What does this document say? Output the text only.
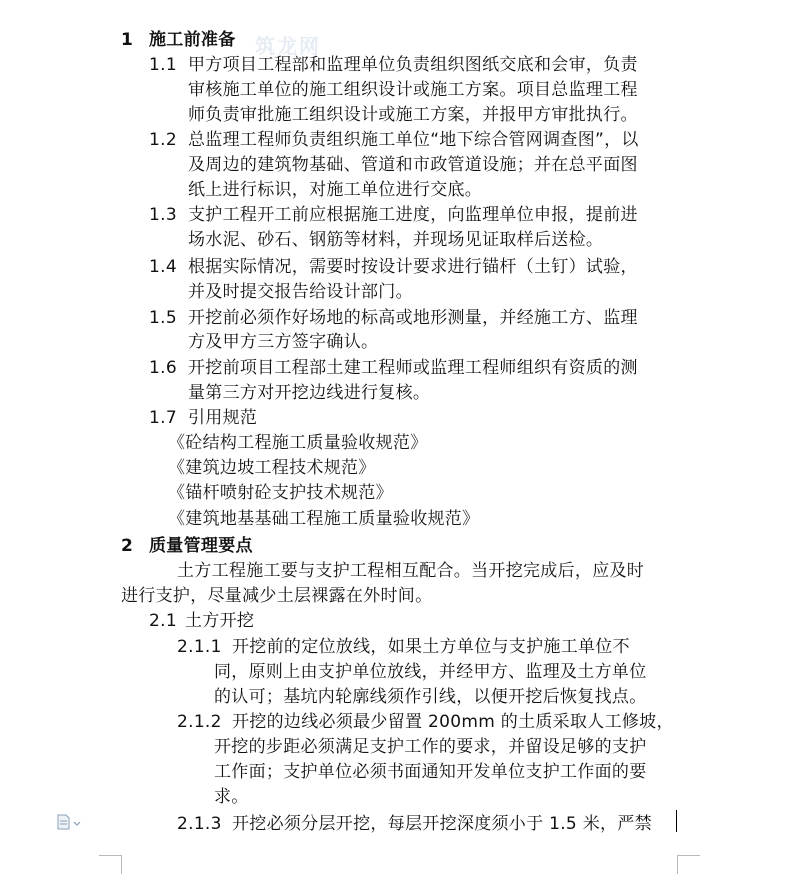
筑龙网
1 施工前准备
1.1 甲方项目工程部和监理单位负责组织图纸交底和会审，负责
审核施工单位的施工组织设计或施工方案。项目总监理工程
师负责审批施工组织设计或施工方案，并报甲方审批执行。
1.2 总监理工程师负责组织施工单位“地下综合管网调查图”，以
及周边的建筑物基础、管道和市政管道设施；并在总平面图
纸上进行标识，对施工单位进行交底。
1.3 支护工程开工前应根据施工进度，向监理单位申报，提前进
场水泥、砂石、钢筋等材料，并现场见证取样后送检。
1.4 根据实际情况，需要时按设计要求进行锚杆（土钉）试验，
并及时提交报告给设计部门。
1.5 开挖前必须作好场地的标高或地形测量，并经施工方、监理
方及甲方三方签字确认。
1.6 开挖前项目工程部土建工程师或监理工程师组织有资质的测
量第三方对开挖边线进行复核。
1.7 引用规范
《砼结构工程施工质量验收规范》
《建筑边坡工程技术规范》
《锚杆喷射砼支护技术规范》
《建筑地基基础工程施工质量验收规范》
2 质量管理要点
土方工程施工要与支护工程相互配合。当开挖完成后，应及时
进行支护，尽量减少土层裸露在外时间。
2.1 土方开挖
2.1.1 开挖前的定位放线，如果土方单位与支护施工单位不
同，原则上由支护单位放线，并经甲方、监理及土方单位
的认可；基坑内轮廓线须作引线，以便开挖后恢复找点。
2.1.2 开挖的边线必须最少留置 200mm 的土质采取人工修坡，
开挖的步距必须满足支护工作的要求，并留设足够的支护
工作面；支护单位必须书面通知开发单位支护工作面的要
求。
2.1.3 开挖必须分层开挖，每层开挖深度须小于 1.5 米，严禁
